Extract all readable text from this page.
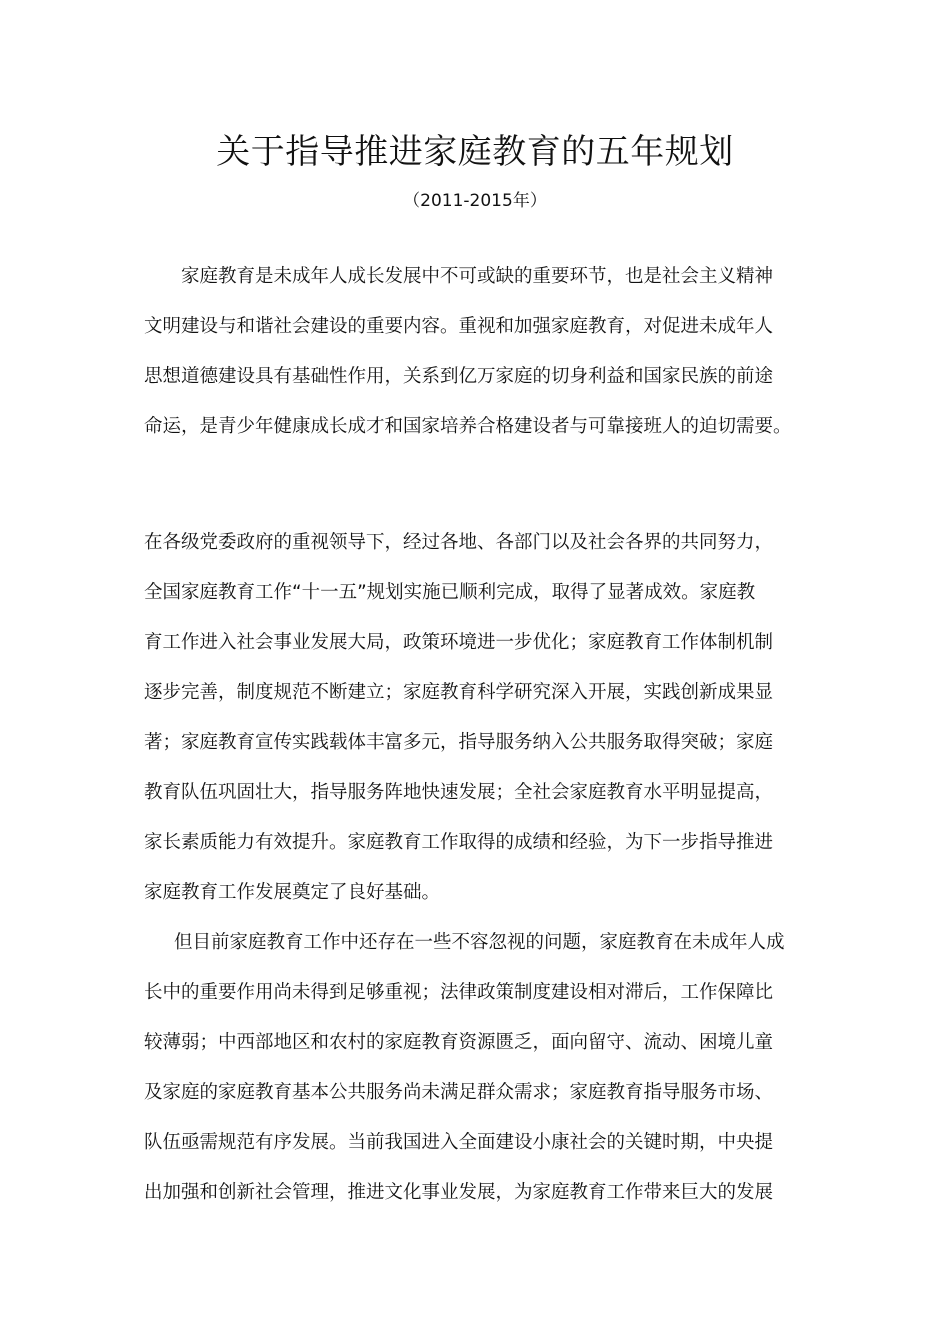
关于指导推进家庭教育的五年规划
（2011-2015年）
家庭教育是未成年人成长发展中不可或缺的重要环节，也是社会主义精神
文明建设与和谐社会建设的重要内容。重视和加强家庭教育，对促进未成年人
思想道德建设具有基础性作用，关系到亿万家庭的切身利益和国家民族的前途
命运，是青少年健康成长成才和国家培养合格建设者与可靠接班人的迫切需要。
在各级党委政府的重视领导下，经过各地、各部门以及社会各界的共同努力，
全国家庭教育工作“十一五”规划实施已顺利完成，取得了显著成效。家庭教
育工作进入社会事业发展大局，政策环境进一步优化；家庭教育工作体制机制
逐步完善，制度规范不断建立；家庭教育科学研究深入开展，实践创新成果显
著；家庭教育宣传实践载体丰富多元，指导服务纳入公共服务取得突破；家庭
教育队伍巩固壮大，指导服务阵地快速发展；全社会家庭教育水平明显提高，
家长素质能力有效提升。家庭教育工作取得的成绩和经验，为下一步指导推进
家庭教育工作发展奠定了良好基础。
但目前家庭教育工作中还存在一些不容忽视的问题，家庭教育在未成年人成
长中的重要作用尚未得到足够重视；法律政策制度建设相对滞后，工作保障比
较薄弱；中西部地区和农村的家庭教育资源匮乏，面向留守、流动、困境儿童
及家庭的家庭教育基本公共服务尚未满足群众需求；家庭教育指导服务市场、
队伍亟需规范有序发展。当前我国进入全面建设小康社会的关键时期，中央提
出加强和创新社会管理，推进文化事业发展，为家庭教育工作带来巨大的发展
